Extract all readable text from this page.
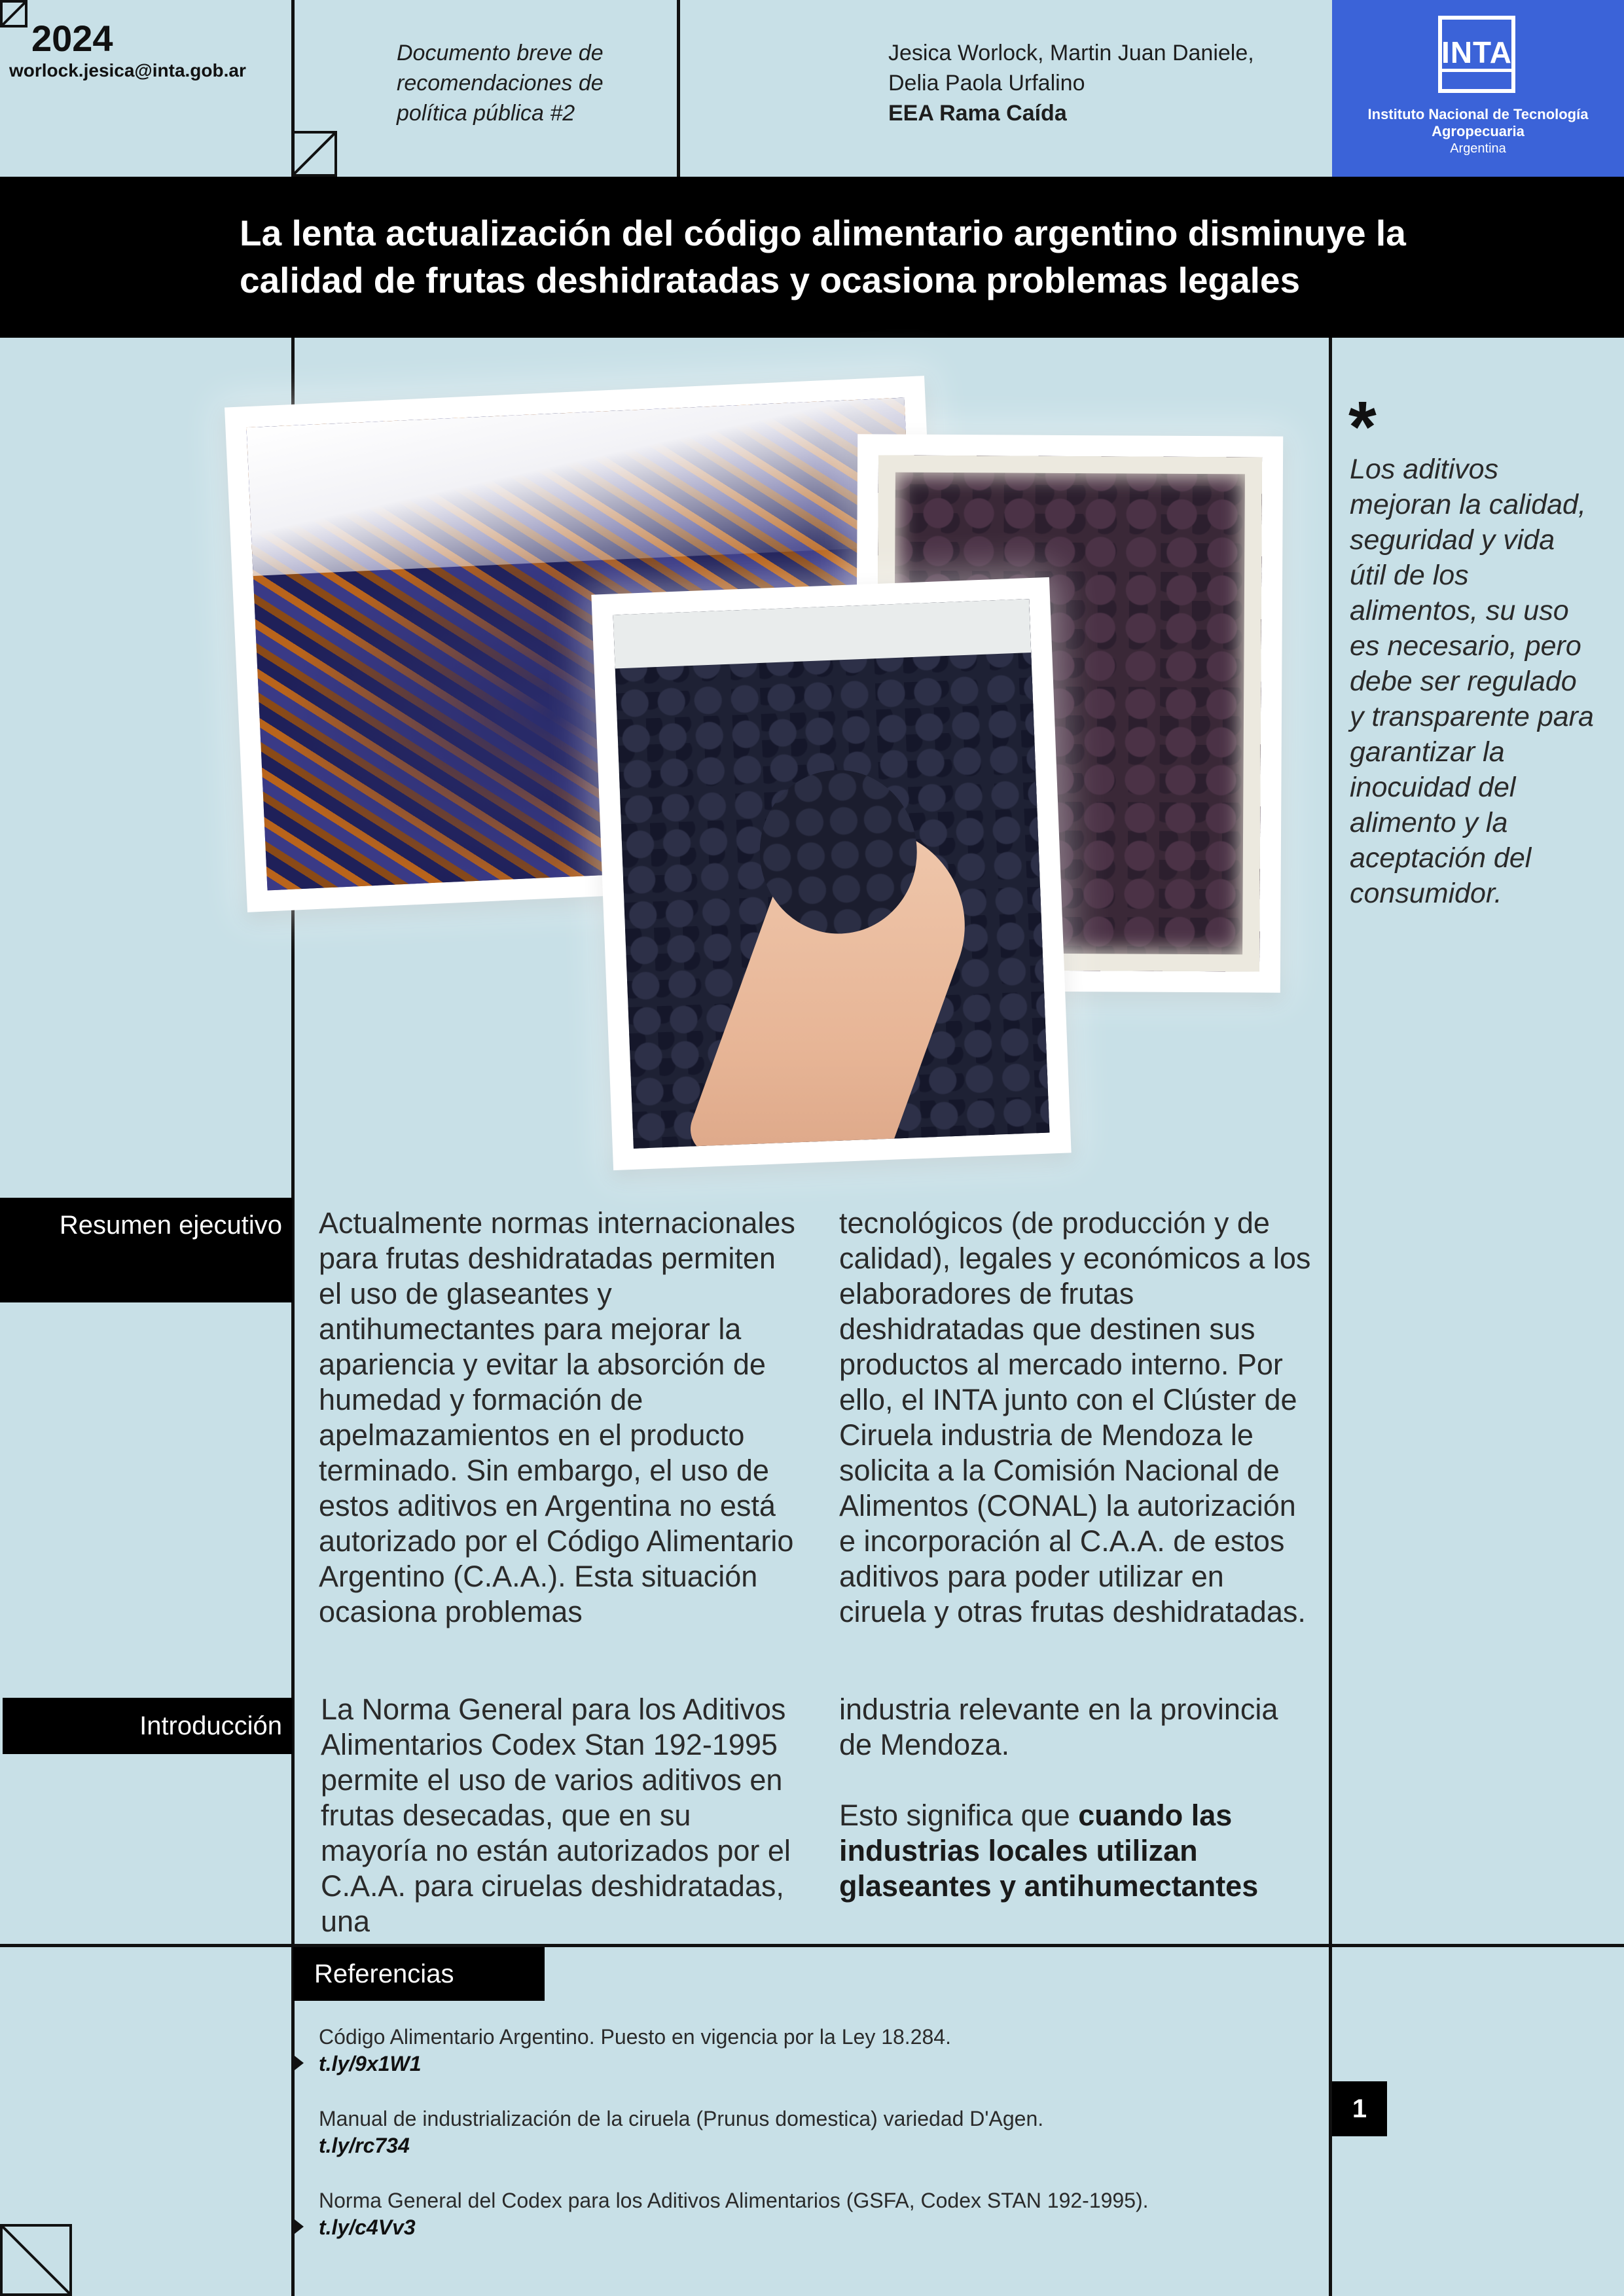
2024
worlock.jesica@inta.gob.ar
Documento breve de recomendaciones de política pública #2
Jesica Worlock, Martin Juan Daniele, Delia Paola Urfalino
EEA Rama Caída
INTA
Instituto Nacional de Tecnología Agropecuaria
Argentina
La lenta actualización del código alimentario argentino disminuye la calidad de frutas deshidratadas y ocasiona problemas legales
*
Los aditivos mejoran la calidad, seguridad y vida útil de los alimentos, su uso es necesario, pero debe ser regulado y transparente para garantizar la inocuidad del alimento y la aceptación del consumidor.
Resumen ejecutivo	Actualmente normas internacionales para frutas deshidratadas permiten el uso de glaseantes y antihumectantes para mejorar la apariencia y evitar la absorción de humedad y formación de apelmazamientos en el producto terminado. Sin embargo, el uso de estos aditivos en Argentina no está autorizado por el Código Alimentario Argentino (C.A.A.). Esta situación ocasiona problemas
tecnológicos (de producción y de calidad), legales y económicos a los elaboradores de frutas deshidratadas que destinen sus productos al mercado interno. Por ello, el INTA junto con el Clúster de Ciruela industria de Mendoza le solicita a la Comisión Nacional de Alimentos (CONAL) la autorización e incorporación al C.A.A. de estos aditivos para poder utilizar en ciruela y otras frutas deshidratadas.
Introducción	La Norma General para los Aditivos Alimentarios Codex Stan 192-1995 permite el uso de varios aditivos en frutas desecadas, que en su mayoría no están autorizados por el C.A.A. para ciruelas deshidratadas, una

industria relevante en la provincia de Mendoza.

Esto significa que cuando las industrias locales utilizan glaseantes y antihumectantes

Referencias
Código Alimentario Argentino. Puesto en vigencia por la Ley 18.284.
t.ly/9x1W1
Manual de industrialización de la ciruela (Prunus domestica) variedad D'Agen.
t.ly/rc734
Norma General del Codex para los Aditivos Alimentarios (GSFA, Codex STAN 192-1995).
t.ly/c4Vv3
1
